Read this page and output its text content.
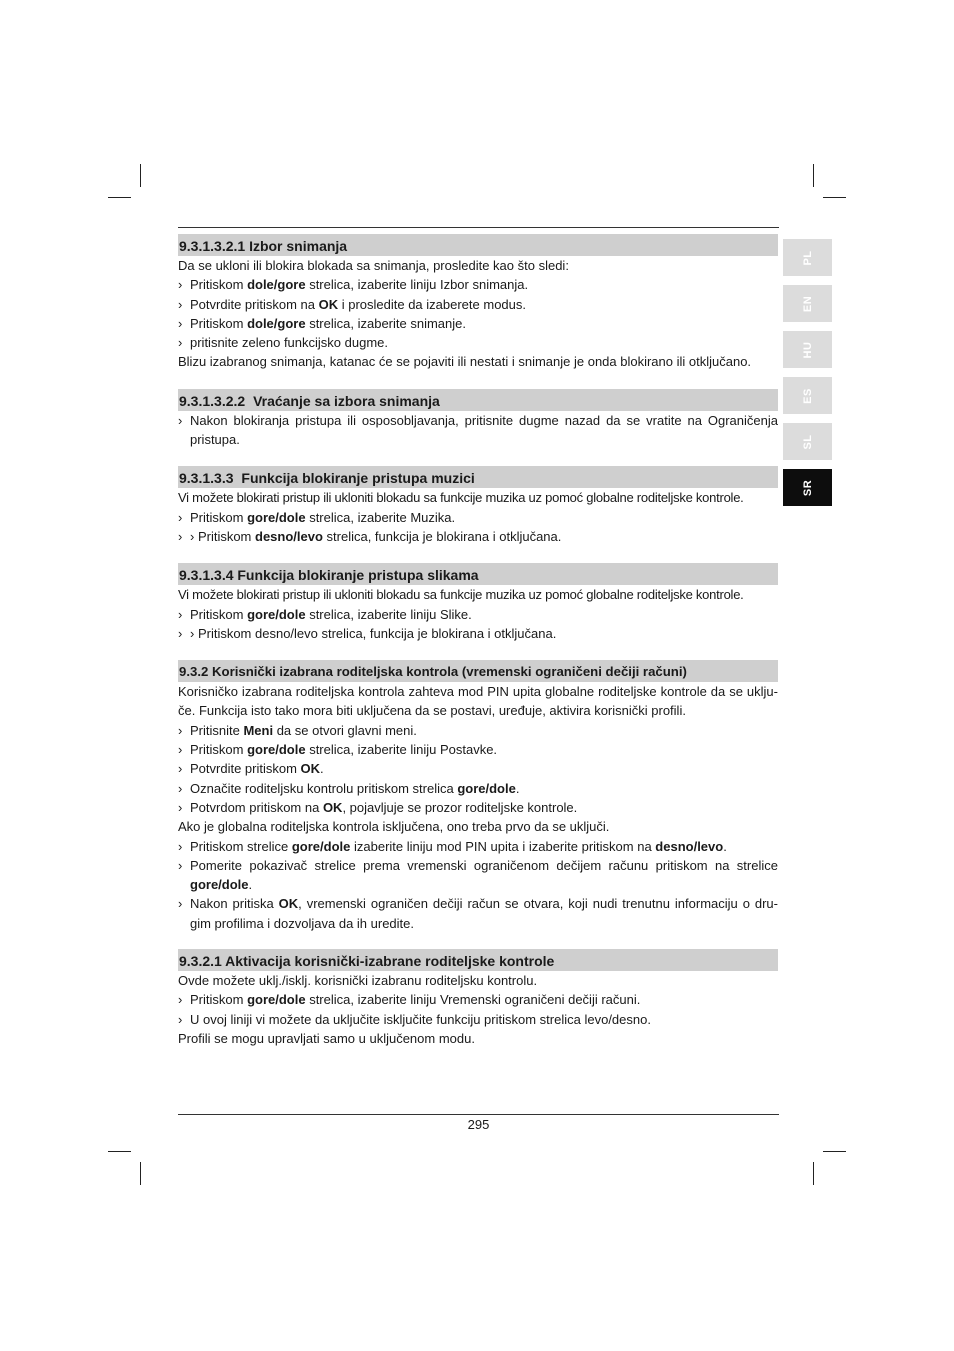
PL
EN
HU
ES
SL
SR
9.3.1.3.2.1 Izbor snimanja

Da se ukloni ili blokira blokada sa snimanja, prosledite kao što sledi:

› Pritiskom dole/gore strelica, izaberite liniju Izbor snimanja.

› Potvrdite pritiskom na OK i prosledite da izaberete modus.

› Pritiskom dole/gore strelica, izaberite snimanje.

› pritisnite zeleno funkcijsko dugme.

Blizu izabranog snimanja, katanac će se pojaviti ili nestati i snimanje je onda blokirano ili otključano.

9.3.1.3.2.2 Vraćanje sa izbora snimanja

› Nakon blokiranja pristupa ili osposobljavanja, pritisnite dugme nazad da se vratite na Ograničenja pristupa.

9.3.1.3.3 Funkcija blokiranje pristupa muzici

Vi možete blokirati pristup ili ukloniti blokadu sa funkcije muzika uz pomoć globalne roditeljske kontrole.

› Pritiskom gore/dole strelica, izaberite Muzika.

› › Pritiskom desno/levo strelica, funkcija je blokirana i otključana.

9.3.1.3.4 Funkcija blokiranje pristupa slikama

Vi možete blokirati pristup ili ukloniti blokadu sa funkcije muzika uz pomoć globalne roditeljske kontrole.

› Pritiskom gore/dole strelica, izaberite liniju Slike.

› › Pritiskom desno/levo strelica, funkcija je blokirana i otključana.

9.3.2 Korisnički izabrana roditeljska kontrola (vremenski ograničeni dečiji računi)

Korisničko izabrana roditeljska kontrola zahteva mod PIN upita globalne roditeljske kontrole da se uklju-če. Funkcija isto tako mora biti uključena da se postavi, uređuje, aktivira korisnički profili.

› Pritisnite Meni da se otvori glavni meni.

› Pritiskom gore/dole strelica, izaberite liniju Postavke.

› Potvrdite pritiskom OK.

› Označite roditeljsku kontrolu pritiskom strelica gore/dole.

› Potvrdom pritiskom na OK, pojavljuje se prozor roditeljske kontrole.

Ako je globalna roditeljska kontrola isključena, ono treba prvo da se uključi.

› Pritiskom strelice gore/dole izaberite liniju mod PIN upita i izaberite pritiskom na desno/levo.

› Pomerite pokazivač strelice prema vremenski ograničenom dečijem računu pritiskom na strelice gore/dole.

› Nakon pritiska OK, vremenski ograničen dečiji račun se otvara, koji nudi trenutnu informaciju o dru-gim profilima i dozvoljava da ih uredite.

9.3.2.1 Aktivacija korisnički-izabrane roditeljske kontrole

Ovde možete uklj./isklj. korisnički izabranu roditeljsku kontrolu.

› Pritiskom gore/dole strelica, izaberite liniju Vremenski ograničeni dečiji računi.

› U ovoj liniji vi možete da uključite isključite funkciju pritiskom strelica levo/desno.

Profili se mogu upravljati samo u uključenom modu.

295
